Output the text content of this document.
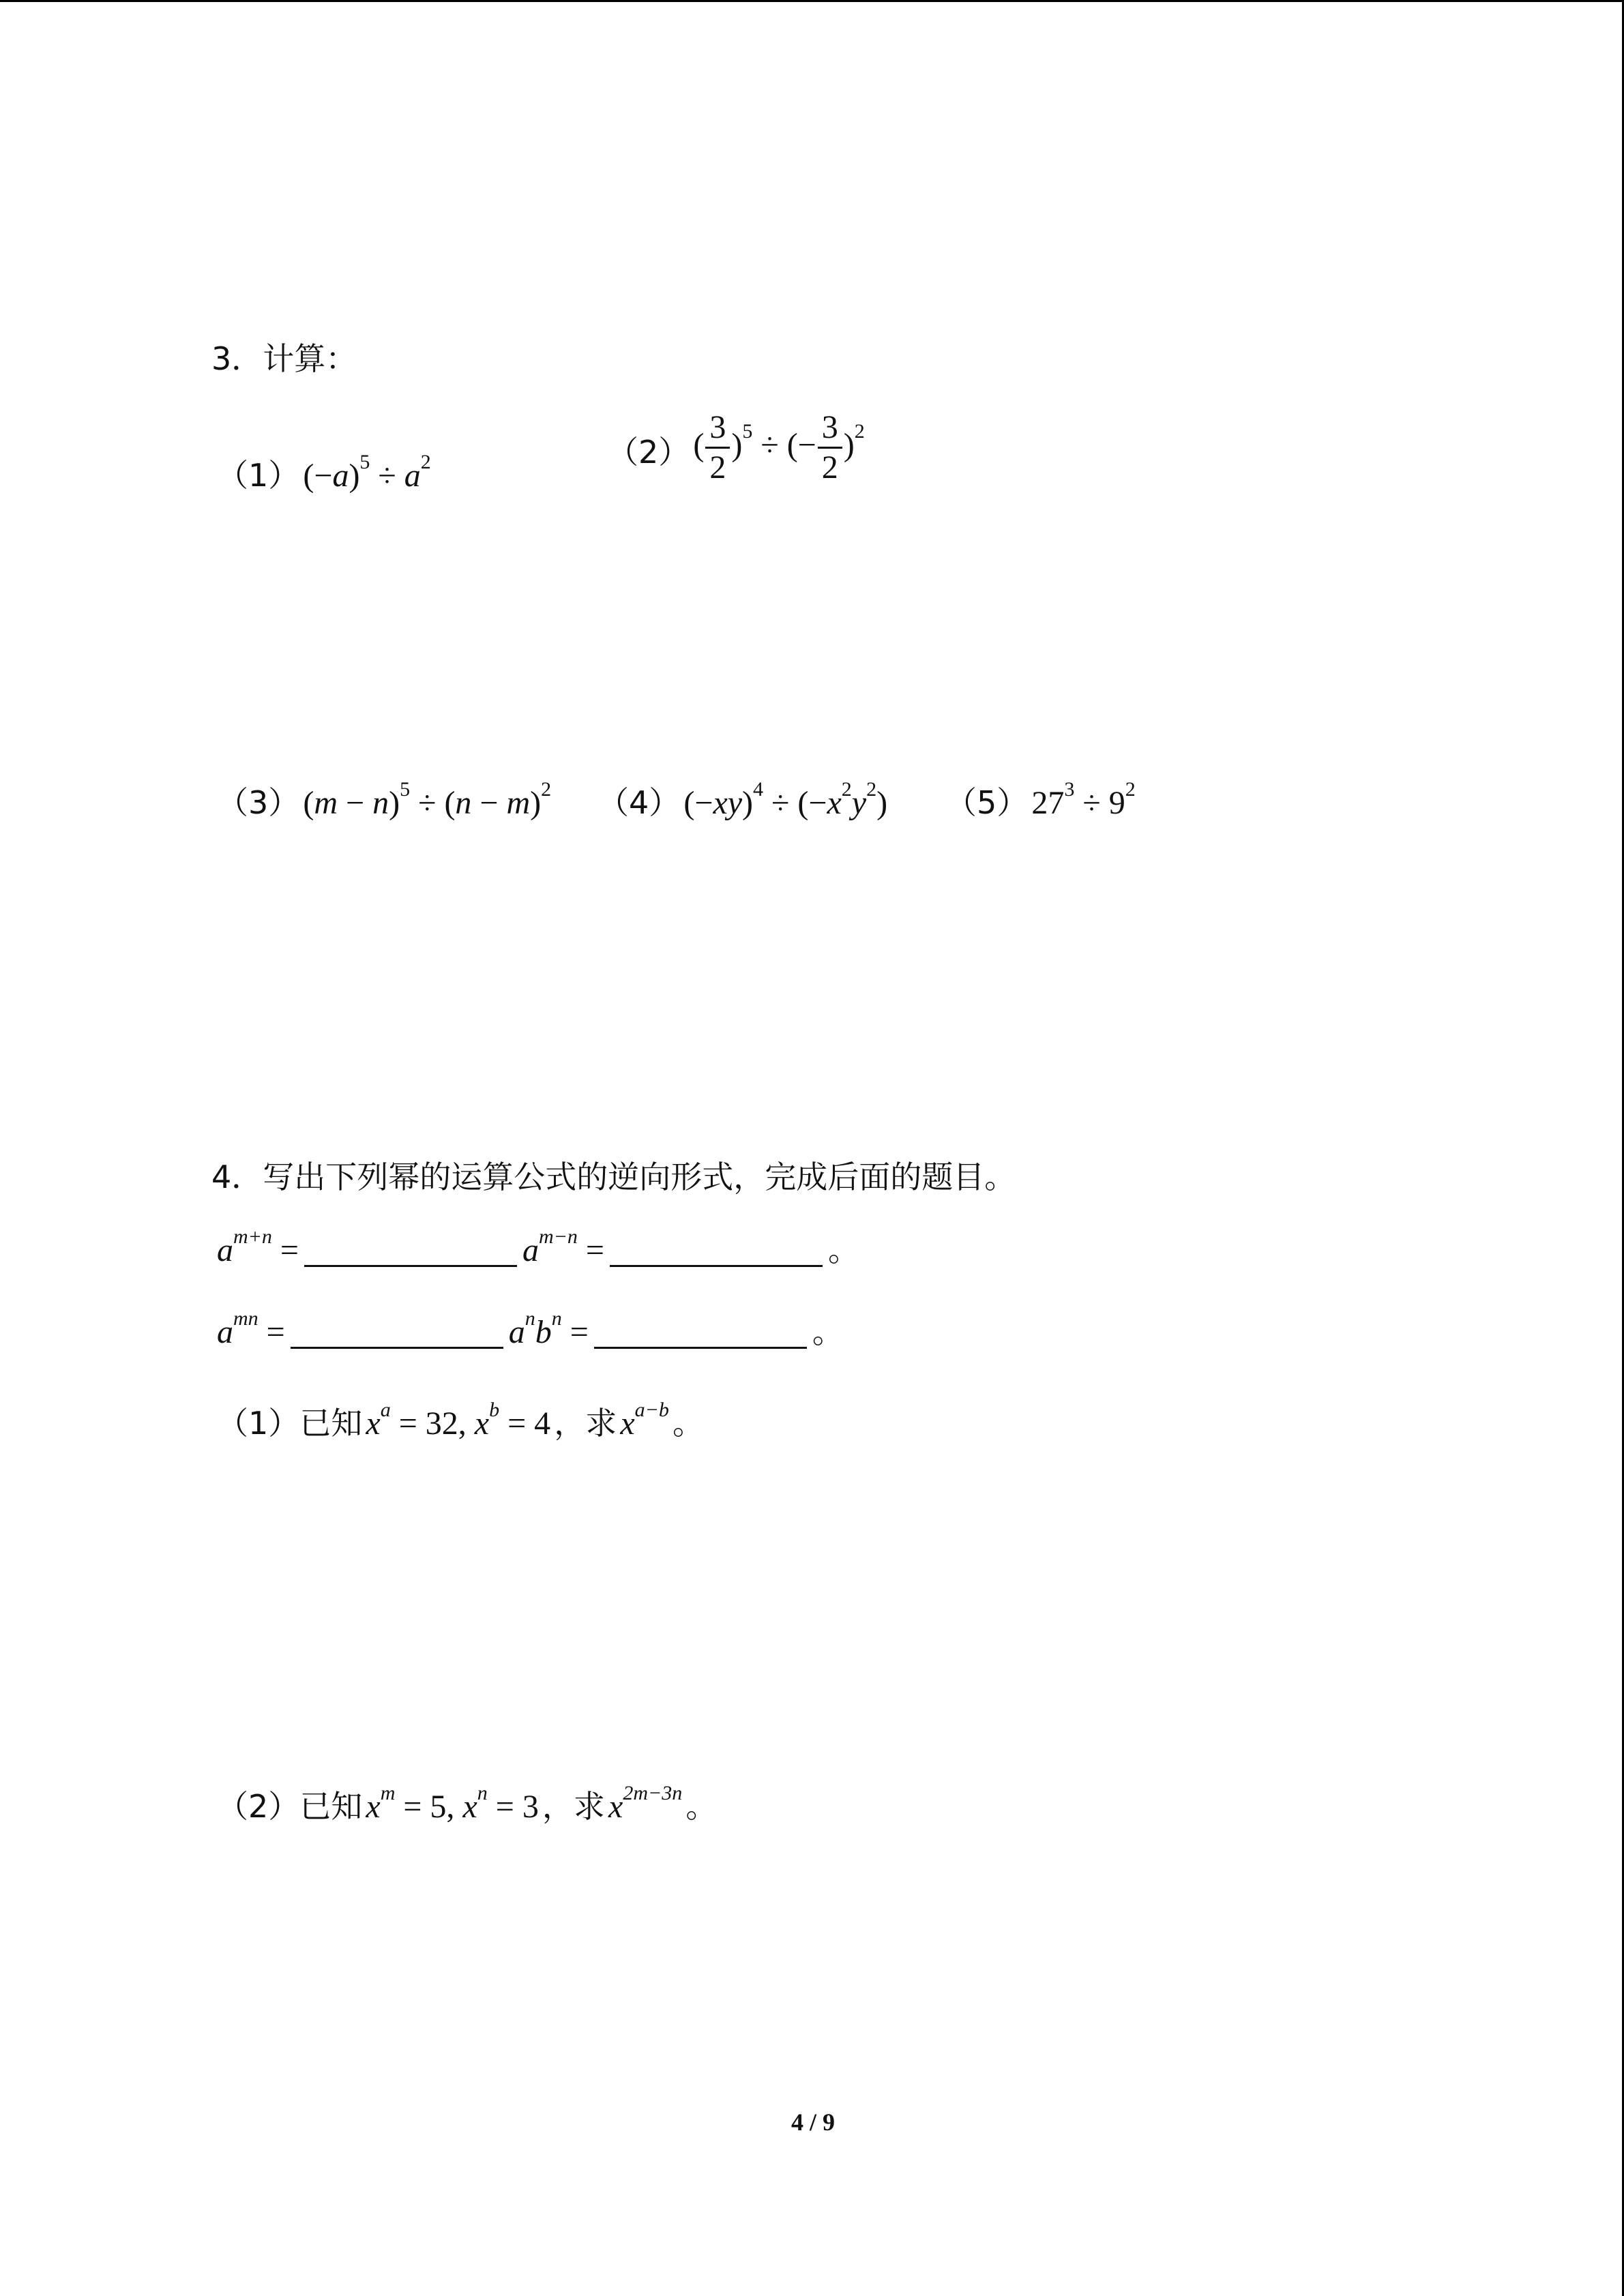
3．计算：
（1） $(-a)^5 \div a^2$	（2） ( $\frac{3}{2} )^5$ ÷ (− $\frac{3}{2} )^2$
（3） $(m - n)^5 \div (n - m)^2$ （4） $(-xy)^4 \div (-x^2y^2)$ （5） $27^3 \div 9^2$
4．写出下列幂的运算公式的逆向形式，完成后面的题目。
$a^{m+n}$ =	$a^{m-n}$ =	。
$a^{mn}$ =	$a^nb^n$ =	。
（1）已知 $x^a = 32$, $x^b = 4$ ，求 $x^{a-b}$ 。
（2）已知 $x^m = 5$, $x^n = 3$ ，求 $x^{2m-3n}$ 。
4 / 9
